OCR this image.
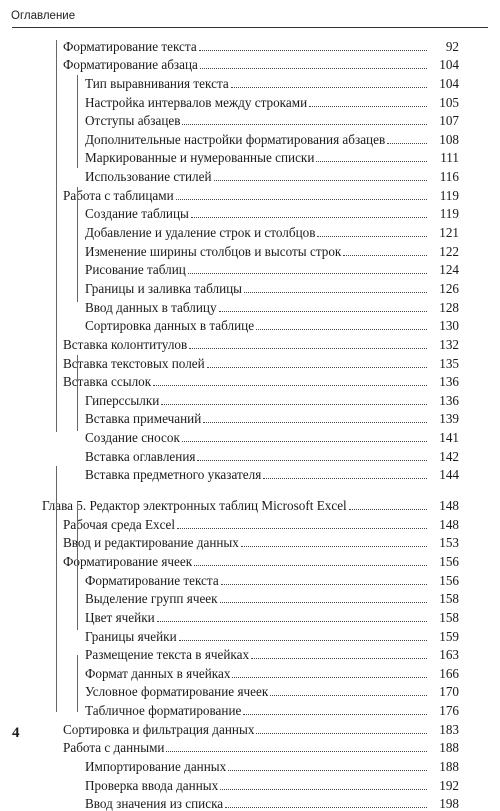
Оглавление
Форматирование текста	92
Форматирование абзаца	104
Тип выравнивания текста	104
Настройка интервалов между строками	105
Отступы абзацев	107
Дополнительные настройки форматирования абзацев	108
Маркированные и нумерованные списки	111
Использование стилей	116
Работа с таблицами	119
Создание таблицы	119
Добавление и удаление строк и столбцов	121
Изменение ширины столбцов и высоты строк	122
Рисование таблиц	124
Границы и заливка таблицы	126
Ввод данных в таблицу	128
Сортировка данных в таблице	130
Вставка колонтитулов	132
Вставка текстовых полей	135
Вставка ссылок	136
Гиперссылки	136
Вставка примечаний	139
Создание сносок	141
Вставка оглавления	142
Вставка предметного указателя	144
Глава 5. Редактор электронных таблиц Microsoft Excel	148
Рабочая среда Excel	148
Ввод и редактирование данных	153
Форматирование ячеек	156
Форматирование текста	156
Выделение групп ячеек	158
Цвет ячейки	158
Границы ячейки	159
Размещение текста в ячейках	163
Формат данных в ячейках	166
Условное форматирование ячеек	170
Табличное форматирование	176
Сортировка и фильтрация данных	183
Работа с данными	188
Импортирование данных	188
Проверка ввода данных	192
Ввод значения из списка	198
4
